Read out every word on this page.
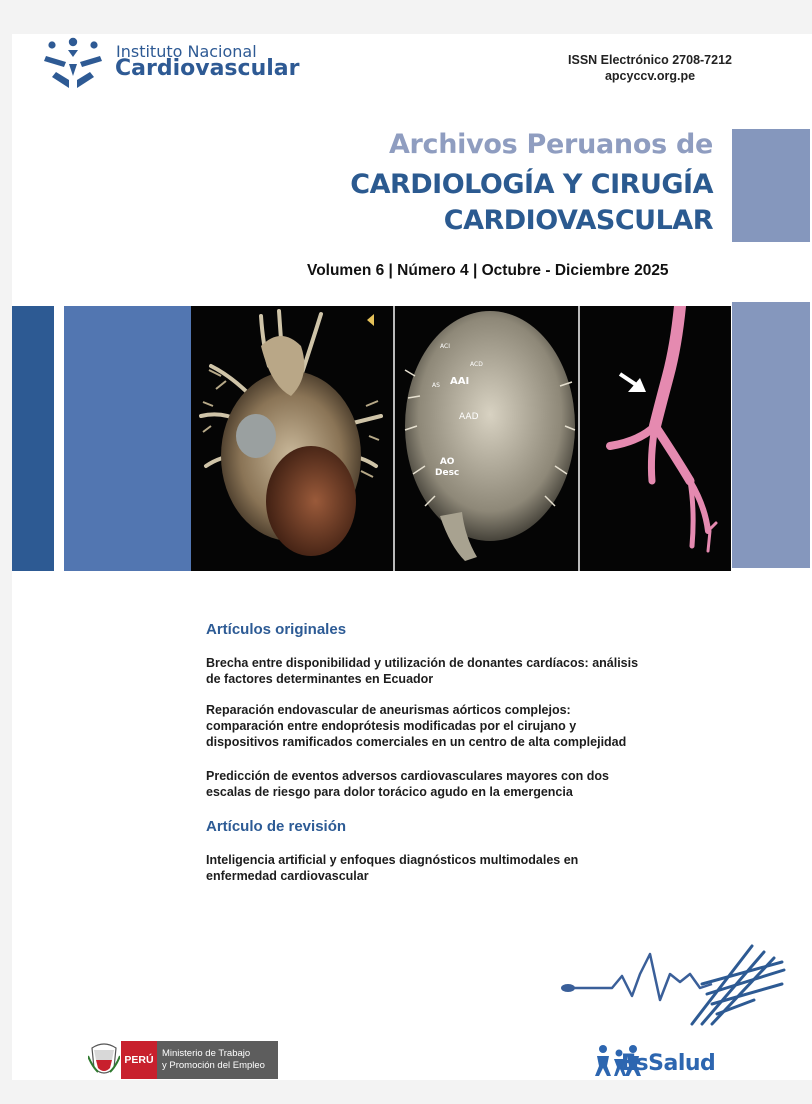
Instituto Nacional
Cardiovascular	ISSN Electrónico 2708-7212
apcyccv.org.pe
Archivos Peruanos de
CARDIOLOGÍA Y CIRUGÍA
CARDIOVASCULAR
Volumen 6 | Número 4 | Octubre - Diciembre 2025
ACI
ACD
AS AAI
AAD
AO
Desc
Artículos originales
Brecha entre disponibilidad y utilización de donantes cardíacos: análisis
de factores determinantes en Ecuador
Reparación endovascular de aneurismas aórticos complejos:
comparación entre endoprótesis modificadas por el cirujano y
dispositivos ramificados comerciales en un centro de alta complejidad
Predicción de eventos adversos cardiovasculares mayores con dos
escalas de riesgo para dolor torácico agudo en la emergencia
Artículo de revisión
Inteligencia artificial y enfoques diagnósticos multimodales en
enfermedad cardiovascular
PERÚ
Ministerio de Trabajo
y Promoción del Empleo	EsSalud
